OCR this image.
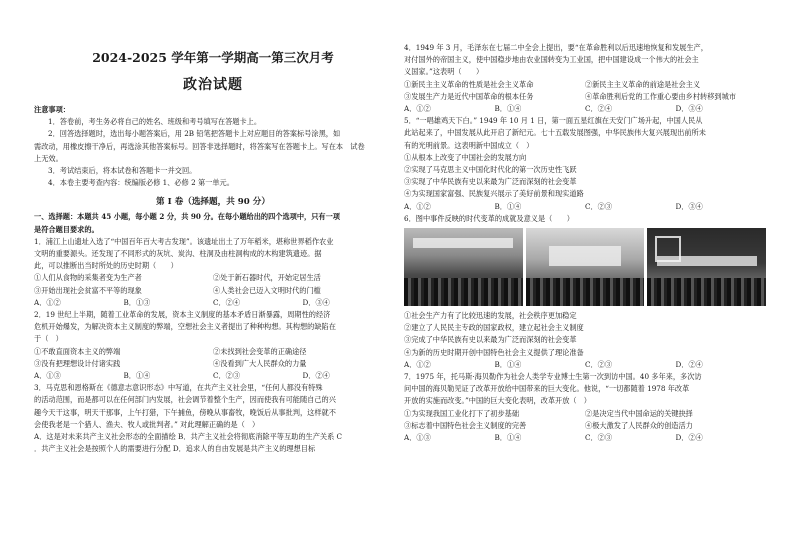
2024-2025 学年第一学期高一第三次月考
政治试题
注意事项：
1．答卷前，考生务必将自己的姓名、班级和考号填写在答题卡上。
2．回答选择题时，选出每小题答案后，用 2B 铅笔把答题卡上对应题目的答案标号涂黑，如
需改动，用橡皮擦干净后，再选涂其他答案标号。回答非选择题时，将答案写在答题卡上。写在本　试卷
上无效。
3．考试结束后，将本试卷和答题卡一并交回。
4．本卷主要考查内容：统编版必修 1、必修 2 第一单元。
第 Ⅰ 卷（选择题，共 90 分）
一、选择题：本题共 45 小题，每小题 2 分，共 90 分。在每小题给出的四个选项中，只有一项
是符合题目要求的。
1．浦江上山遗址入选了“中国百年百大考古发现”。该遗址出土了万年稻米，堪称世界稻作农业
文明的重要源头。还发现了不同形式的灰坑、炭沟、柱洞及由柱洞构成的木构建筑遗迹。据
此，可以推断出当时所处的历史时期（　　）
①人们从食物的采集者变为生产者	②处于新石器时代，开始定居生活
③开始出现社会贫富不平等的现象	④人类社会已迈入文明时代的门槛
A．①②	B．①③	C．②④	D．③④
2．19 世纪上半期，随着工业革命的发展，资本主义制度的基本矛盾日渐暴露，周期性的经济
危机开始爆发，为解决资本主义制度的弊端，空想社会主义者提出了种种构想。其构想的缺陷在
于（　）
①不敢直面资本主义的弊端	②未找到社会变革的正确途径
③没有把理想设计付诸实践	④没看到广大人民群众的力量
A．①③	B．①④	C．②③	D．②④
3．马克思和恩格斯在《德意志意识形态》中写道，在共产主义社会里，“任何人都没有特殊
的活动范围，而是都可以在任何部门内发展，社会调节着整个生产，因而使我有可能随自己的兴
趣今天干这事，明天干那事，上午打猎，下午捕鱼，傍晚从事畜牧，晚饭后从事批判，这样就不
会使我老是一个猎人、渔夫、牧人或批判者。” 对此理解正确的是（　）
A．这是对未来共产主义社会形态的全面描绘 B．共产主义社会将彻底消除平等互助的生产关系 C
．共产主义社会是按照个人的需要进行分配 D．追求人的自由发展是共产主义的理想目标
4．1949 年 3 月，毛泽东在七届二中全会上提出，要“在革命胜利以后迅速地恢复和发展生产，
对付国外的帝国主义，使中国稳步地由农业国转变为工业国，把中国建设成一个伟大的社会主
义国家。”这表明（　　）
①新民主主义革命的性质是社会主义革命	②新民主主义革命的前途是社会主义
③发展生产力是近代中国革命的根本任务	④革命胜利后党的工作重心要由乡村转移到城市
A．①②	B．①④	C．②④	D．③④
5．“一唱雄鸡天下白。” 1949 年 10 月 1 日，第一面五星红旗在天安门广场升起，中国人民从
此站起来了，中国发展从此开启了新纪元。七十五载发展图强，中华民族伟大复兴展现出前所未
有的光明前景。这表明新中国成立（　）
①从根本上改变了中国社会的发展方向
②实现了马克思主义中国化时代化的第一次历史性飞跃
③实现了中华民族有史以来最为广泛而深刻的社会变革
④为实现国家富强、民族复兴展示了美好前景和现实道路
A．①②	B．①④	C．②③	D．③④
6．图中事件反映的时代变革的成就及意义是（　　）
①社会生产力有了比较迅速的发展，社会秩序更加稳定
②建立了人民民主专政的国家政权，建立起社会主义制度
③完成了中华民族有史以来最为广泛而深刻的社会变革
④为新的历史时期开创中国特色社会主义提供了理论准备
A．①②	B．①④	C．②③	D．②④
7．1975 年，托马斯·海贝勒作为社会人类学专业博士生第一次到访中国。40 多年来，多次访
问中国的海贝勒见证了改革开放给中国带来的巨大变化。他说，“一切都随着 1978 年改革
开放的实施而改变。”中国的巨大变化表明，改革开放（　）
①为实现我国工业化打下了初步基础	②是决定当代中国命运的关键抉择
③标志着中国特色社会主义制度的完善	④极大激发了人民群众的创造活力
A．①③	B．①④	C．②③	D．②④
